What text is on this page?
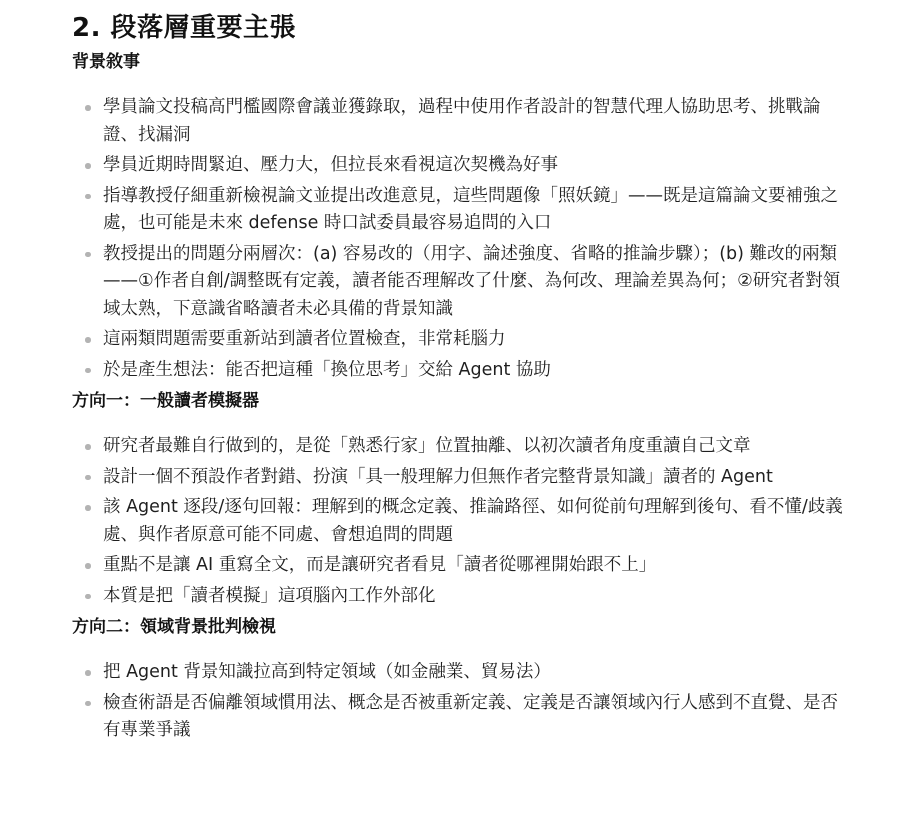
2. 段落層重要主張
背景敘事
學員論文投稿高門檻國際會議並獲錄取，過程中使用作者設計的智慧代理人協助思考、挑戰論證、找漏洞
學員近期時間緊迫、壓力大，但拉長來看視這次契機為好事
指導教授仔細重新檢視論文並提出改進意見，這些問題像「照妖鏡」——既是這篇論文要補強之處，也可能是未來 defense 時口試委員最容易追問的入口
教授提出的問題分兩層次：(a) 容易改的（用字、論述強度、省略的推論步驟）；(b) 難改的兩類——①作者自創/調整既有定義，讀者能否理解改了什麼、為何改、理論差異為何；②研究者對領域太熟，下意識省略讀者未必具備的背景知識
這兩類問題需要重新站到讀者位置檢查，非常耗腦力
於是產生想法：能否把這種「換位思考」交給 Agent 協助
方向一：一般讀者模擬器
研究者最難自行做到的，是從「熟悉行家」位置抽離、以初次讀者角度重讀自己文章
設計一個不預設作者對錯、扮演「具一般理解力但無作者完整背景知識」讀者的 Agent
該 Agent 逐段/逐句回報：理解到的概念定義、推論路徑、如何從前句理解到後句、看不懂/歧義處、與作者原意可能不同處、會想追問的問題
重點不是讓 AI 重寫全文，而是讓研究者看見「讀者從哪裡開始跟不上」
本質是把「讀者模擬」這項腦內工作外部化
方向二：領域背景批判檢視
把 Agent 背景知識拉高到特定領域（如金融業、貿易法）
檢查術語是否偏離領域慣用法、概念是否被重新定義、定義是否讓領域內行人感到不直覺、是否有專業爭議
